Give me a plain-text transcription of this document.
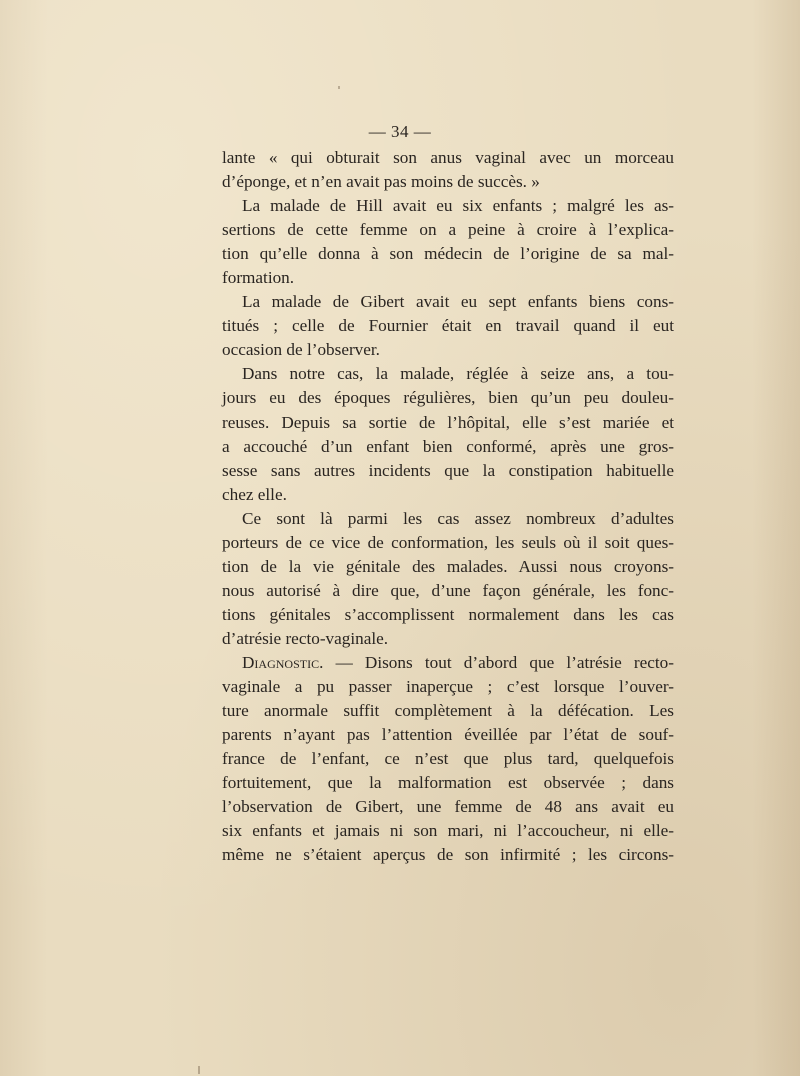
— 34 —
lante « qui obturait son anus vaginal avec un morceau
d’éponge, et n’en avait pas moins de succès. »
La malade de Hill avait eu six enfants ; malgré les as-
sertions de cette femme on a peine à croire à l’explica-
tion qu’elle donna à son médecin de l’origine de sa mal-
formation.
La malade de Gibert avait eu sept enfants biens cons-
titués ; celle de Fournier était en travail quand il eut
occasion de l’observer.
Dans notre cas, la malade, réglée à seize ans, a tou-
jours eu des époques régulières, bien qu’un peu douleu-
reuses. Depuis sa sortie de l’hôpital, elle s’est mariée et
a accouché d’un enfant bien conformé, après une gros-
sesse sans autres incidents que la constipation habituelle
chez elle.
Ce sont là parmi les cas assez nombreux d’adultes
porteurs de ce vice de conformation, les seuls où il soit ques-
tion de la vie génitale des malades. Aussi nous croyons-
nous autorisé à dire que, d’une façon générale, les fonc-
tions génitales s’accomplissent normalement dans les cas
d’atrésie recto-vaginale.
Diagnostic. — Disons tout d’abord que l’atrésie recto-
vaginale a pu passer inaperçue ; c’est lorsque l’ouver-
ture anormale suffit complètement à la défécation. Les
parents n’ayant pas l’attention éveillée par l’état de souf-
france de l’enfant, ce n’est que plus tard, quelquefois
fortuitement, que la malformation est observée ; dans
l’observation de Gibert, une femme de 48 ans avait eu
six enfants et jamais ni son mari, ni l’accoucheur, ni elle-
même ne s’étaient aperçus de son infirmité ; les circons-
